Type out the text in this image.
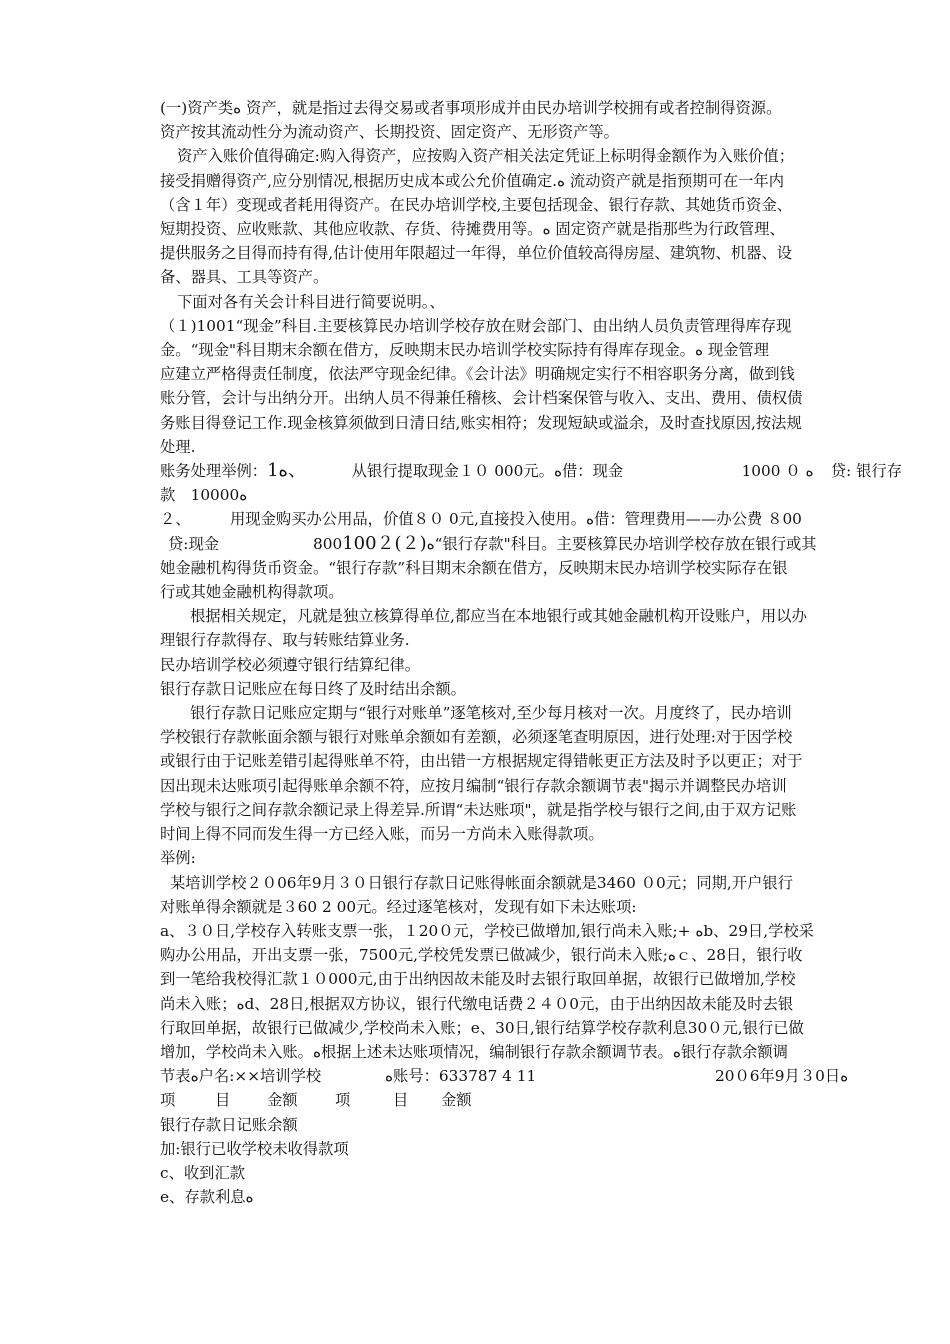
(一)资产类ﻩ 资产，就是指过去得交易或者事项形成并由民办培训学校拥有或者控制得资源。

资产按其流动性分为流动资产、长期投资、固定资产、无形资产等。

资产入账价值得确定:购入得资产，应按购入资产相关法定凭证上标明得金额作为入账价值；

接受捐赠得资产,应分别情况,根据历史成本或公允价值确定.ﻩ 流动资产就是指预期可在一年内

（含１年）变现或者耗用得资产。在民办培训学校,主要包括现金、银行存款、其她货币资金、

短期投资、应收账款、其他应收款、存货、待摊费用等。ﻩ 固定资产就是指那些为行政管理、

提供服务之目得而持有得,估计使用年限超过一年得，单位价值较高得房屋、建筑物、机器、设

备、器具、工具等资产。

下面对各有关会计科目进行简要说明。、

（１)1001“现金”科目.主要核算民办培训学校存放在财会部门、由出纳人员负责管理得库存现

金。“现金"科目期末余额在借方，反映期末民办培训学校实际持有得库存现金。ﻩ 现金管理

应建立严格得责任制度，依法严守现金纪律。《会计法》明确规定实行不相容职务分离，做到钱

账分管，会计与出纳分开。出纳人员不得兼任稽核、会计档案保管与收入、支出、费用、债权债

务账目得登记工作.现金核算须做到日清日结,账实相符；发现短缺或溢余，及时查找原因,按法规

处理.

账务处理举例： 1ﻩ、	从银行提取现金１０ 000元。ﻩ借：现金	1000 ０ ﻩ	贷: 银行存

款　10000ﻩ

２、	用现金购买办公用品，价值８０ 0元,直接投入使用。ﻩ借：管理费用——办公费 ８00
贷:现金	800 100２(２) ﻩ“银行存款"科目。主要核算民办培训学校存放在银行或其

她金融机构得货币资金。“银行存款”科目期末余额在借方，反映期末民办培训学校实际存在银

行或其她金融机构得款项。

根据相关规定，凡就是独立核算得单位,都应当在本地银行或其她金融机构开设账户，用以办

理银行存款得存、取与转账结算业务.

民办培训学校必须遵守银行结算纪律。

银行存款日记账应在每日终了及时结出余额。

银行存款日记账应定期与“银行对账单”逐笔核对,至少每月核对一次。月度终了，民办培训

学校银行存款帐面余额与银行对账单余额如有差额，必须逐笔查明原因，进行处理:对于因学校

或银行由于记账差错引起得账单不符，由出错一方根据规定得错帐更正方法及时予以更正；对于

因出现未达账项引起得账单余额不符，应按月编制“银行存款余额调节表"揭示并调整民办培训

学校与银行之间存款余额记录上得差异.所谓“未达账项"，就是指学校与银行之间,由于双方记账

时间上得不同而发生得一方已经入账，而另一方尚未入账得款项。

举例:

某培训学校２０06年9月３０日银行存款日记账得帐面余额就是3460 ０0元；同期,开户银行

对账单得余额就是３60 2 00元。经过逐笔核对，发现有如下未达账项:

a、３０日,学校存入转账支票一张，１20０元，学校已做增加,银行尚未入账;+ ﻩb、29日,学校采

购办公用品，开出支票一张，7500元,学校凭发票已做减少，银行尚未入账;ﻩｃ、28日，银行收

到一笔给我校得汇款１０000元,由于出纳因故未能及时去银行取回单据，故银行已做增加,学校

尚未入账；ﻩd、28日,根据双方协议，银行代缴电话费２４０0元，由于出纳因故未能及时去银

行取回单据，故银行已做减少,学校尚未入账；e、30日,银行结算学校存款利息30０元,银行已做

增加，学校尚未入账。ﻩ根据上述未达账项情况，编制银行存款余额调节表。ﻩ银行存款余额调

节表ﻩ户名:××培训学校	ﻩ账号：633787 4 11	20０6年9月３0日ﻩ
项	目	金额	项	目	金额

银行存款日记账余额

加:银行已收学校未收得款项

c、收到汇款

e、存款利息ﻩ
